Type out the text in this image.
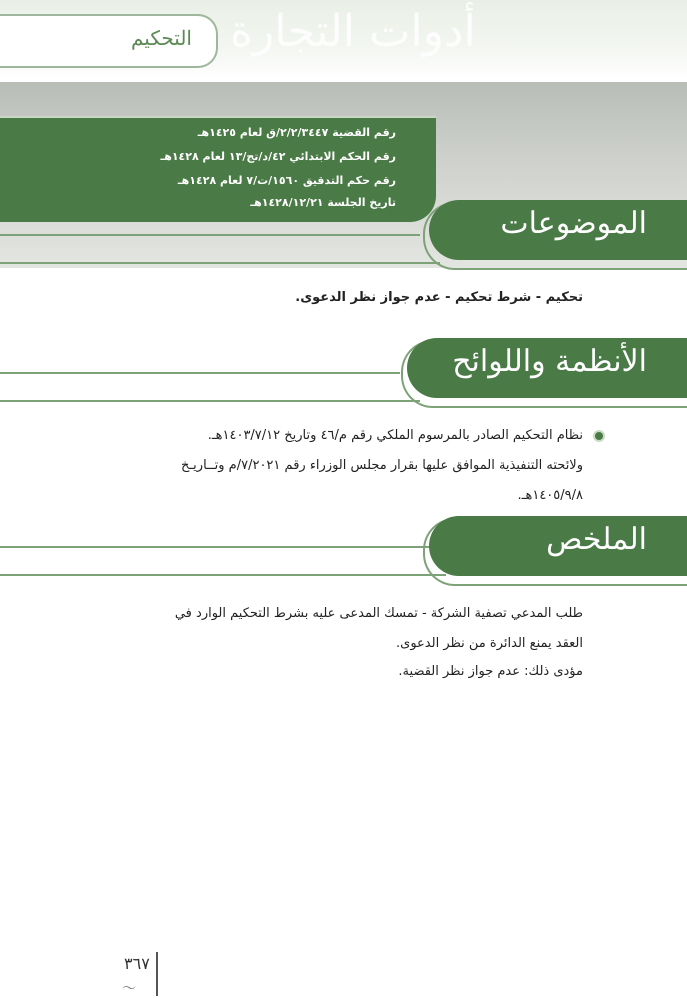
أدوات التجارة
التحكيم
رقم القضية ٢/٢/٣٤٤٧/ق لعام ١٤٢٥هـ
رقم الحكم الابتدائي ٤٢/د/تج/١٣ لعام ١٤٢٨هـ
رقم حكم التدقيق ١٥٦٠/ت/٧ لعام ١٤٢٨هـ
تاريخ الجلسة ١٤٢٨/١٢/٢١هـ
الموضوعات
تحكيم - شرط تحكيم - عدم جواز نظر الدعوى.
الأنظمة واللوائح
نظام التحكيم الصادر بالمرسوم الملكي رقم م/٤٦ وتاريخ ١٤٠٣/٧/١٢هـ.
ولائحته التنفيذية الموافق عليها بقرار مجلس الوزراء رقم ٧/٢٠٢١/م وتــاريـخ
١٤٠٥/٩/٨هـ.
الملخص
طلب المدعي تصفية الشركة - تمسك المدعى عليه بشرط التحكيم الوارد في
العقد يمنع الدائرة من نظر الدعوى.
مؤدى ذلك: عدم جواز نظر القضية.
٣٦٧
〜
